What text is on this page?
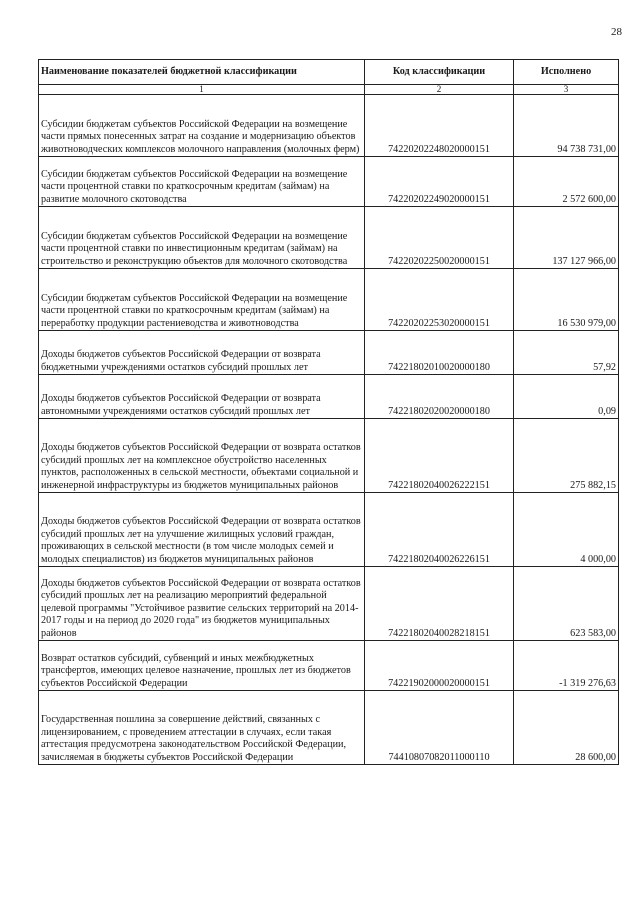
28
Наименование показателей бюджетной классификации	Код классификации	Исполнено
1	2	3
Субсидии бюджетам субъектов Российской Федерации на возмещение части прямых понесенных затрат на создание и модернизацию объектов животноводческих комплексов молочного направления (молочных ферм)	74220202248020000151	94 738 731,00
Субсидии бюджетам субъектов Российской Федерации на возмещение части процентной ставки по краткосрочным кредитам (займам) на развитие молочного скотоводства	74220202249020000151	2 572 600,00
Субсидии бюджетам субъектов Российской Федерации на возмещение части процентной ставки по инвестиционным кредитам (займам) на строительство и реконструкцию объектов для молочного скотоводства	74220202250020000151	137 127 966,00
Субсидии бюджетам субъектов Российской Федерации на возмещение части процентной ставки по краткосрочным кредитам (займам) на переработку продукции растениеводства и животноводства	74220202253020000151	16 530 979,00
Доходы бюджетов субъектов Российской Федерации от возврата бюджетными учреждениями остатков субсидий прошлых лет	74221802010020000180	57,92
Доходы бюджетов субъектов Российской Федерации от возврата автономными учреждениями остатков субсидий прошлых лет	74221802020020000180	0,09
Доходы бюджетов субъектов Российской Федерации от возврата остатков субсидий прошлых лет на комплексное обустройство населенных пунктов, расположенных в сельской местности, объектами социальной и инженерной инфраструктуры из бюджетов муниципальных районов	74221802040026222151	275 882,15
Доходы бюджетов субъектов Российской Федерации от возврата остатков субсидий прошлых лет на улучшение жилищных условий граждан, проживающих в сельской местности (в том числе молодых семей и молодых специалистов) из бюджетов муниципальных районов	74221802040026226151	4 000,00
Доходы бюджетов субъектов Российской Федерации от возврата остатков субсидий прошлых лет на реализацию мероприятий федеральной целевой программы "Устойчивое развитие сельских территорий на 2014-2017 годы и на период до 2020 года" из бюджетов муниципальных районов	74221802040028218151	623 583,00
Возврат остатков субсидий, субвенций и иных межбюджетных трансфертов, имеющих целевое назначение, прошлых лет из бюджетов субъектов Российской Федерации	74221902000020000151	-1 319 276,63
Государственная пошлина за совершение действий, связанных с лицензированием, с проведением аттестации в случаях, если такая аттестация предусмотрена законодательством Российской Федерации, зачисляемая в бюджеты субъектов Российской Федерации	74410807082011000110	28 600,00
